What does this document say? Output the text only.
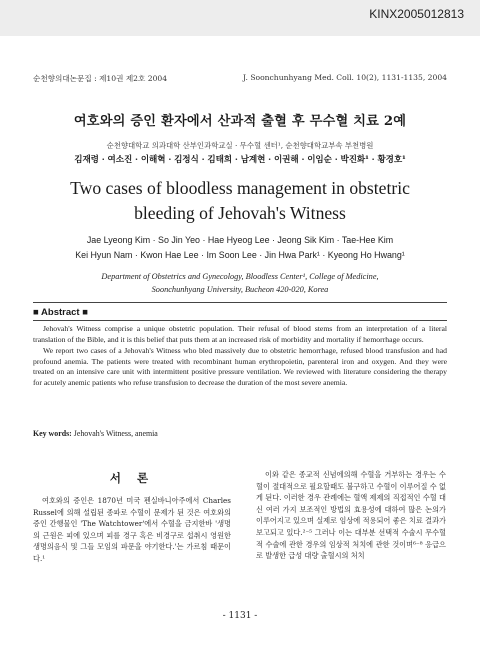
KINX2005012813
순천향의대논문집 : 제10권 제2호 2004	J. Soonchunhyang Med. Coll. 10(2), 1131-1135, 2004
여호와의 증인 환자에서 산과적 출혈 후 무수혈 치료 2예
순천향대학교 의과대학 산부인과학교실 · 무수혈 센터¹, 순천향대학교부속 부천병원
김재령 · 여소진 · 이해혁 · 김정식 · 김태희 · 남계현 · 이권해 · 이임순 · 박진화¹ · 황경호¹
Two cases of bloodless management in obstetric
bleeding of Jehovah's Witness
Jae Lyeong Kim · So Jin Yeo · Hae Hyeog Lee · Jeong Sik Kim · Tae-Hee Kim
Kei Hyun Nam · Kwon Hae Lee · Im Soon Lee · Jin Hwa Park¹ · Kyeong Ho Hwang¹
Department of Obstetrics and Gynecology, Bloodless Center¹, College of Medicine,
Soonchunhyang University, Bucheon 420-020, Korea
■ Abstract ■

Jehovah's Witness comprise a unique obstetric population. Their refusal of blood stems from an interpretation of a literal translation of the Bible, and it is this belief that puts them at an increased risk of morbidity and mortality if hemorrhage occurs.

We report two cases of a Jehovah's Witness who bled massively due to obstetric hemorrhage, refused blood transfusion and had profound anemia. The patients were treated with recombinant human erythropoietin, parenteral iron and oxygen. And they were treated on an intensive care unit with intermittent positive pressure ventilation. We reviewed with literature considering the therapy for acutely anemic patients who refuse transfusion to decrease the duration of the most severe anemia.

Key words: Jehovah's Witness, anemia
서 론
여호와의 증인은 1870년 미국 펜실바니아주에서 Charles Russel에 의해 설립된 종파로 수혈이 문제가 된 것은 여호와의 증인 간행물인 'The Watchtower'에서 수혈을 금지한바 '생명의 근원은 피에 있으며 피를 경구 혹은 비경구로 섭취시 영원한 생명의음식 및 그들 모임의 파문을 야기한다.'는 가르침 때문이다.¹

이와 같은 종교적 신념에의해 수혈을 거부하는 경우는 수혈이 절대적으로 필요할때도 불구하고 수혈이 이루어질 수 없게 된다. 이러한 경우 관례에는 혈액 제제의 직접적인 수혈 대신 여러 가지 보조적인 방법의 효용성에 대하여 많은 논의가 이루어지고 있으며 실제로 임상에 적용되어 좋은 치료 결과가 보고되고 있다.²⁻⁵ 그러나 이는 대부분 선택적 수술시 무수혈적 수술에 관한 경우의 임상적 처치에 관한 것이며⁶⁻⁸ 응급으로 발생한 급성 대량 출혈시의 처치

- 1131 -
